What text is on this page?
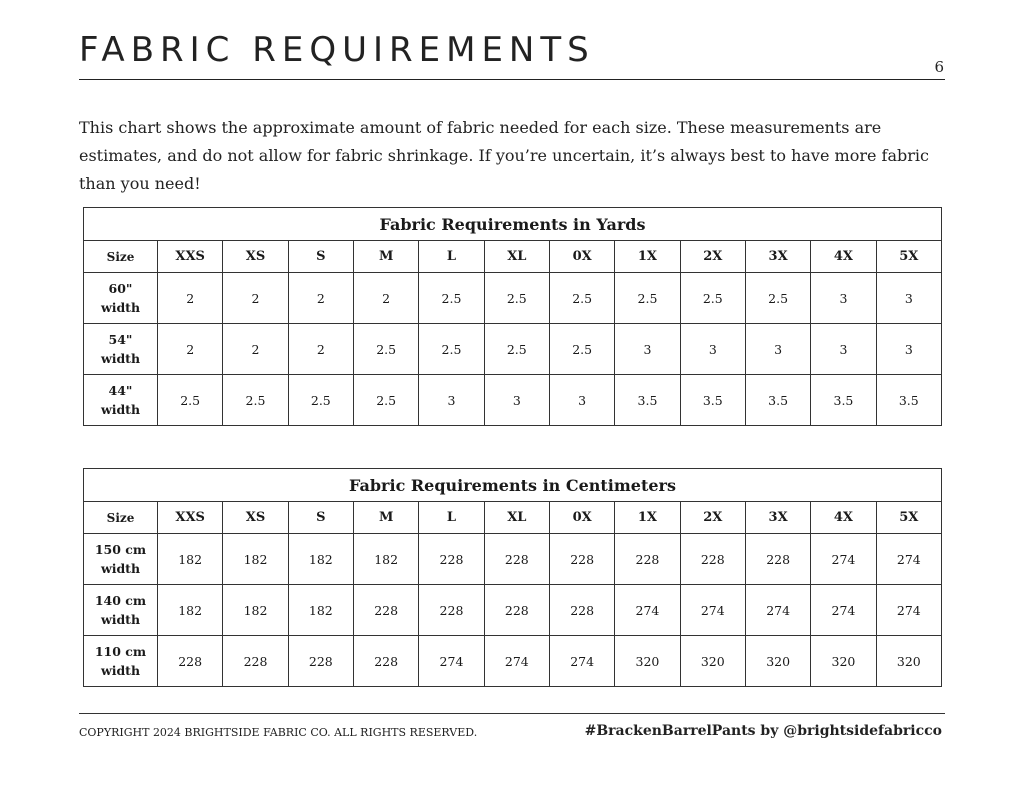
FABRIC REQUIREMENTS	6

This chart shows the approximate amount of fabric needed for each size. These measurements are estimates, and do not allow for fabric shrinkage. If you’re uncertain, it’s always best to have more fabric than you need!

Fabric Requirements in Yards												
Size	XXS	XS	S	M	L	XL	0X	1X	2X	3X	4X	5X
60" width	2	2	2	2	2.5	2.5	2.5	2.5	2.5	2.5	3	3
54" width	2	2	2	2.5	2.5	2.5	2.5	3	3	3	3	3
44" width	2.5	2.5	2.5	2.5	3	3	3	3.5	3.5	3.5	3.5	3.5
Fabric Requirements in Centimeters												
Size	XXS	XS	S	M	L	XL	0X	1X	2X	3X	4X	5X
150 cm width	182	182	182	182	228	228	228	228	228	228	274	274
140 cm width	182	182	182	228	228	228	228	274	274	274	274	274
110 cm width	228	228	228	228	274	274	274	320	320	320	320	320
COPYRIGHT 2024 BRIGHTSIDE FABRIC CO. ALL RIGHTS RESERVED.	#BrackenBarrelPants by @brightsidefabricco
